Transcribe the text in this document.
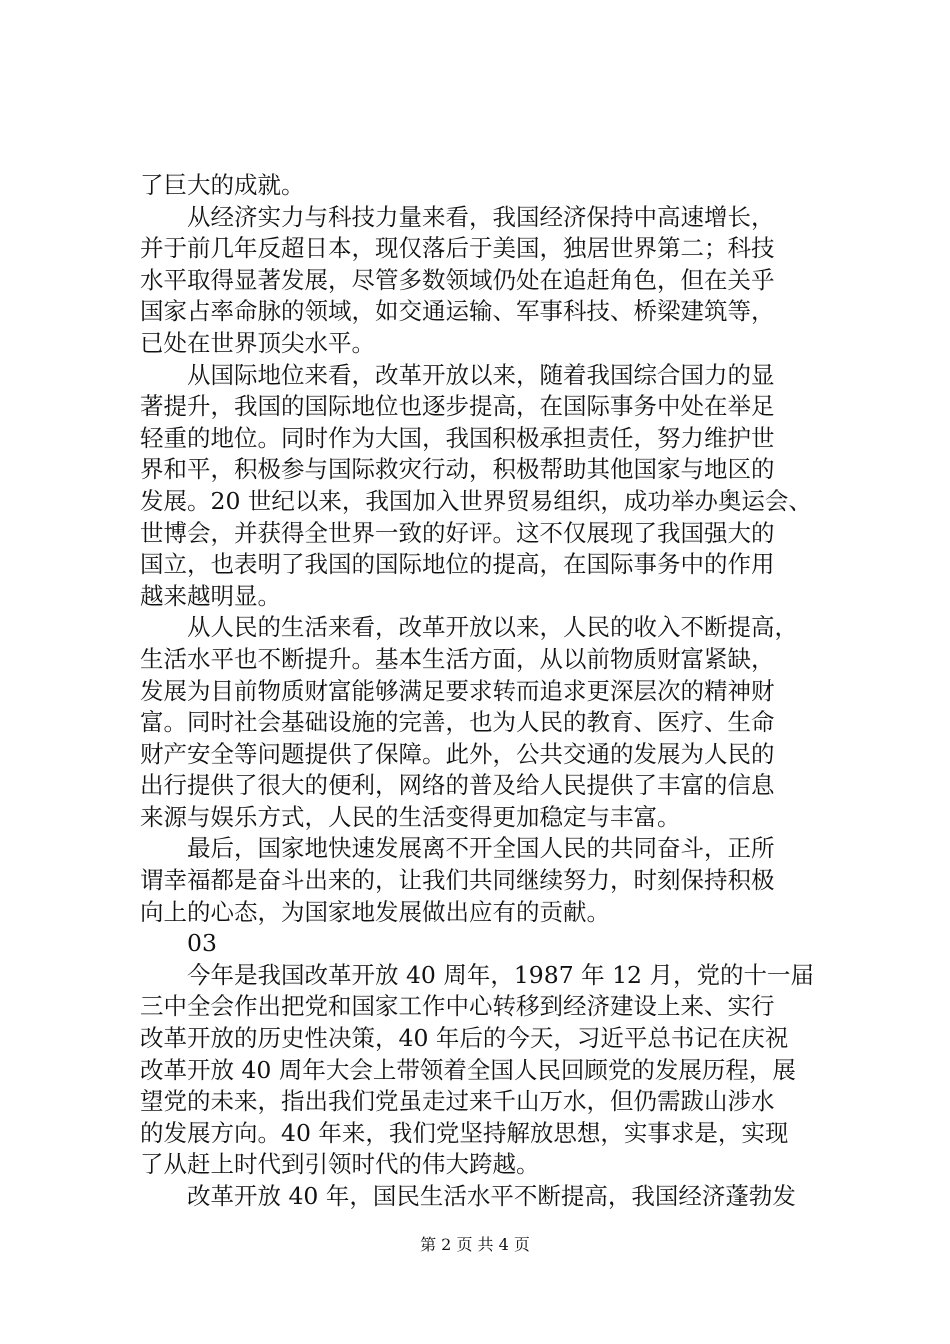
了巨大的成就。
从经济实力与科技力量来看，我国经济保持中高速增长，
并于前几年反超日本，现仅落后于美国，独居世界第二；科技
水平取得显著发展，尽管多数领域仍处在追赶角色，但在关乎
国家占率命脉的领域，如交通运输、军事科技、桥梁建筑等，
已处在世界顶尖水平。
从国际地位来看，改革开放以来，随着我国综合国力的显
著提升，我国的国际地位也逐步提高，在国际事务中处在举足
轻重的地位。同时作为大国，我国积极承担责任，努力维护世
界和平，积极参与国际救灾行动，积极帮助其他国家与地区的
发展。20 世纪以来，我国加入世界贸易组织，成功举办奥运会、
世博会，并获得全世界一致的好评。这不仅展现了我国强大的
国立，也表明了我国的国际地位的提高，在国际事务中的作用
越来越明显。
从人民的生活来看，改革开放以来，人民的收入不断提高，
生活水平也不断提升。基本生活方面，从以前物质财富紧缺，
发展为目前物质财富能够满足要求转而追求更深层次的精神财
富。同时社会基础设施的完善，也为人民的教育、医疗、生命
财产安全等问题提供了保障。此外，公共交通的发展为人民的
出行提供了很大的便利，网络的普及给人民提供了丰富的信息
来源与娱乐方式，人民的生活变得更加稳定与丰富。
最后，国家地快速发展离不开全国人民的共同奋斗，正所
谓幸福都是奋斗出来的，让我们共同继续努力，时刻保持积极
向上的心态，为国家地发展做出应有的贡献。
03
今年是我国改革开放 40 周年，1987 年 12 月，党的十一届
三中全会作出把党和国家工作中心转移到经济建设上来、实行
改革开放的历史性决策，40 年后的今天，习近平总书记在庆祝
改革开放 40 周年大会上带领着全国人民回顾党的发展历程，展
望党的未来，指出我们党虽走过来千山万水，但仍需跋山涉水
的发展方向。40 年来，我们党坚持解放思想，实事求是，实现
了从赶上时代到引领时代的伟大跨越。
改革开放 40 年，国民生活水平不断提高，我国经济蓬勃发
第 2 页 共 4 页
